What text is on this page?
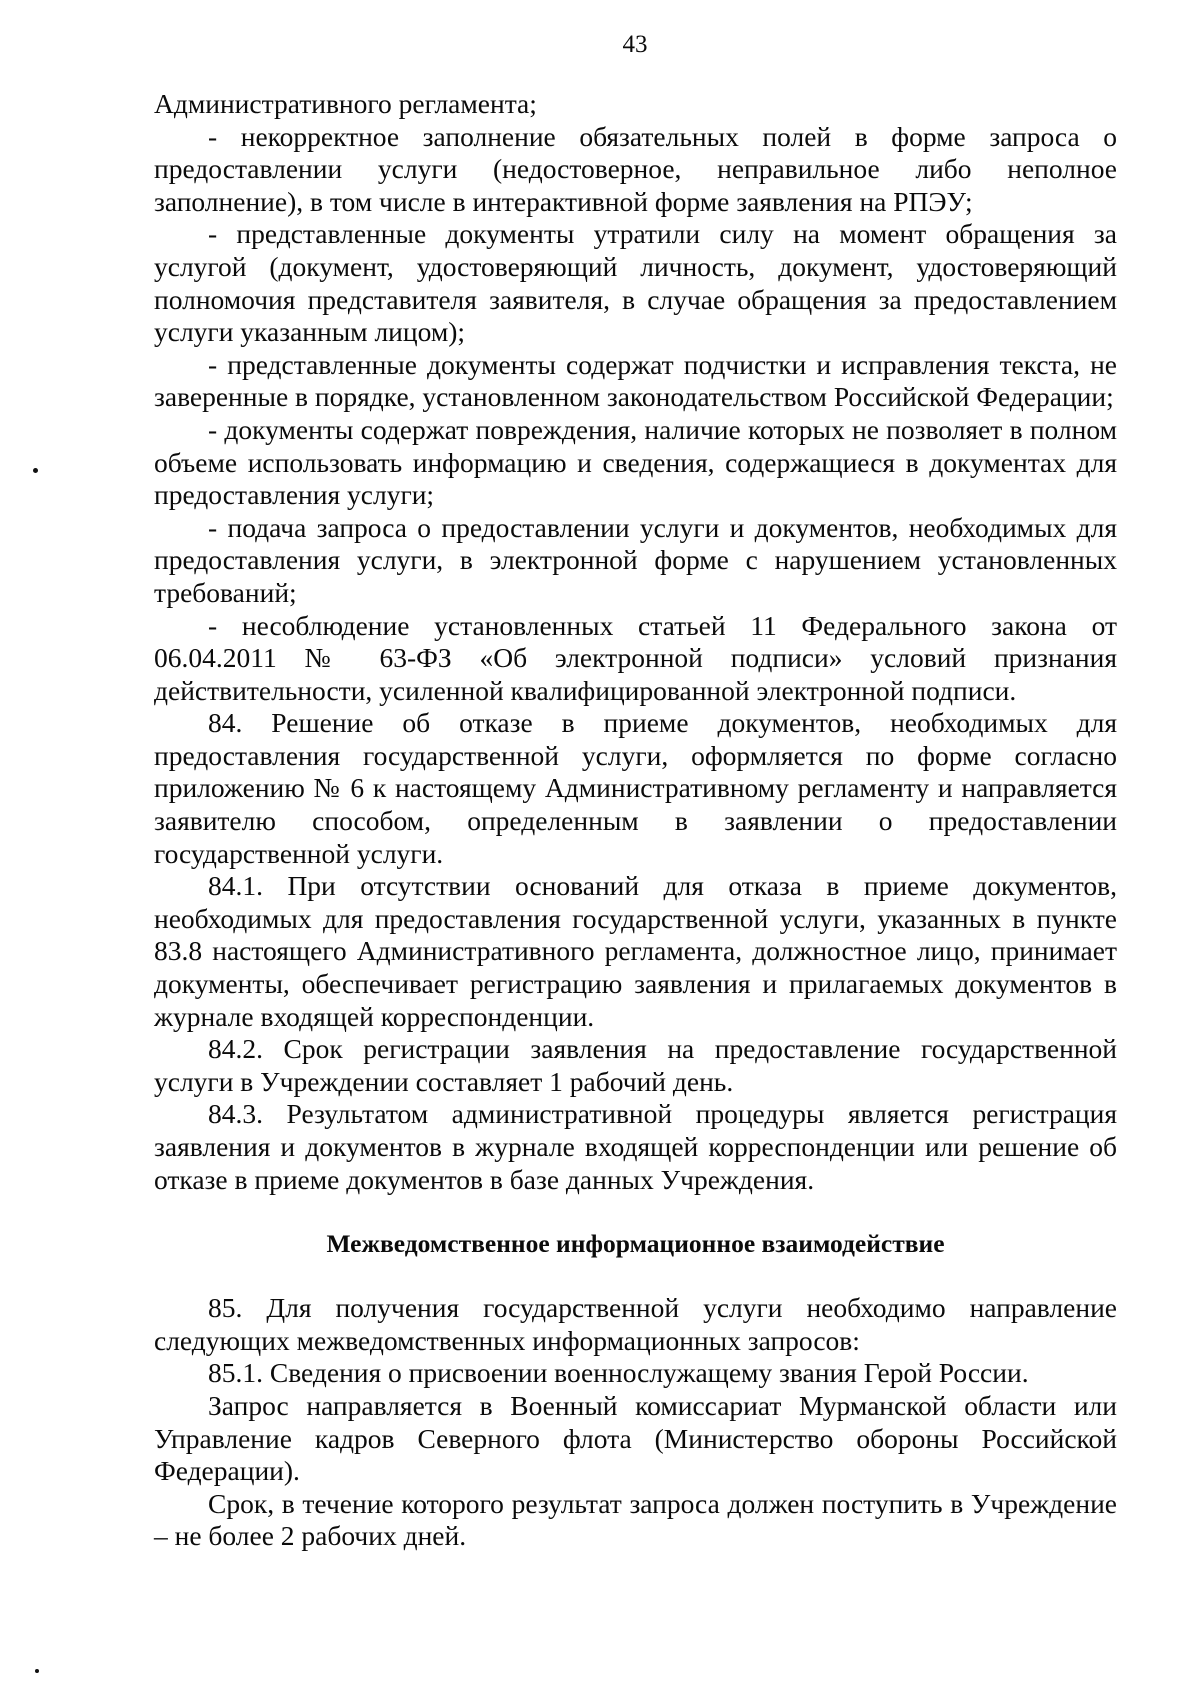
43

Административного регламента;

- некорректное заполнение обязательных полей в форме запроса о предоставлении услуги (недостоверное, неправильное либо неполное заполнение), в том числе в интерактивной форме заявления на РПЭУ;

- представленные документы утратили силу на момент обращения за услугой (документ, удостоверяющий личность, документ, удостоверяющий полномочия представителя заявителя, в случае обращения за предоставлением услуги указанным лицом);

- представленные документы содержат подчистки и исправления текста, не заверенные в порядке, установленном законодательством Российской Федерации;

- документы содержат повреждения, наличие которых не позволяет в полном объеме использовать информацию и сведения, содержащиеся в документах для предоставления услуги;

- подача запроса о предоставлении услуги и документов, необходимых для предоставления услуги, в электронной форме с нарушением установленных требований;

- несоблюдение установленных статьей 11 Федерального закона от 06.04.2011 № 63-ФЗ «Об электронной подписи» условий признания действительности, усиленной квалифицированной электронной подписи.

84. Решение об отказе в приеме документов, необходимых для предоставления государственной услуги, оформляется по форме согласно приложению № 6 к настоящему Административному регламенту и направляется заявителю способом, определенным в заявлении о предоставлении государственной услуги.

84.1. При отсутствии оснований для отказа в приеме документов, необходимых для предоставления государственной услуги, указанных в пункте 83.8 настоящего Административного регламента, должностное лицо, принимает документы, обеспечивает регистрацию заявления и прилагаемых документов в журнале входящей корреспонденции.

84.2. Срок регистрации заявления на предоставление государственной услуги в Учреждении составляет 1 рабочий день.

84.3. Результатом административной процедуры является регистрация заявления и документов в журнале входящей корреспонденции или решение об отказе в приеме документов в базе данных Учреждения.

Межведомственное информационное взаимодействие

85. Для получения государственной услуги необходимо направление следующих межведомственных информационных запросов:

85.1. Сведения о присвоении военнослужащему звания Герой России.

Запрос направляется в Военный комиссариат Мурманской области или Управление кадров Северного флота (Министерство обороны Российской Федерации).

Срок, в течение которого результат запроса должен поступить в Учреждение – не более 2 рабочих дней.
